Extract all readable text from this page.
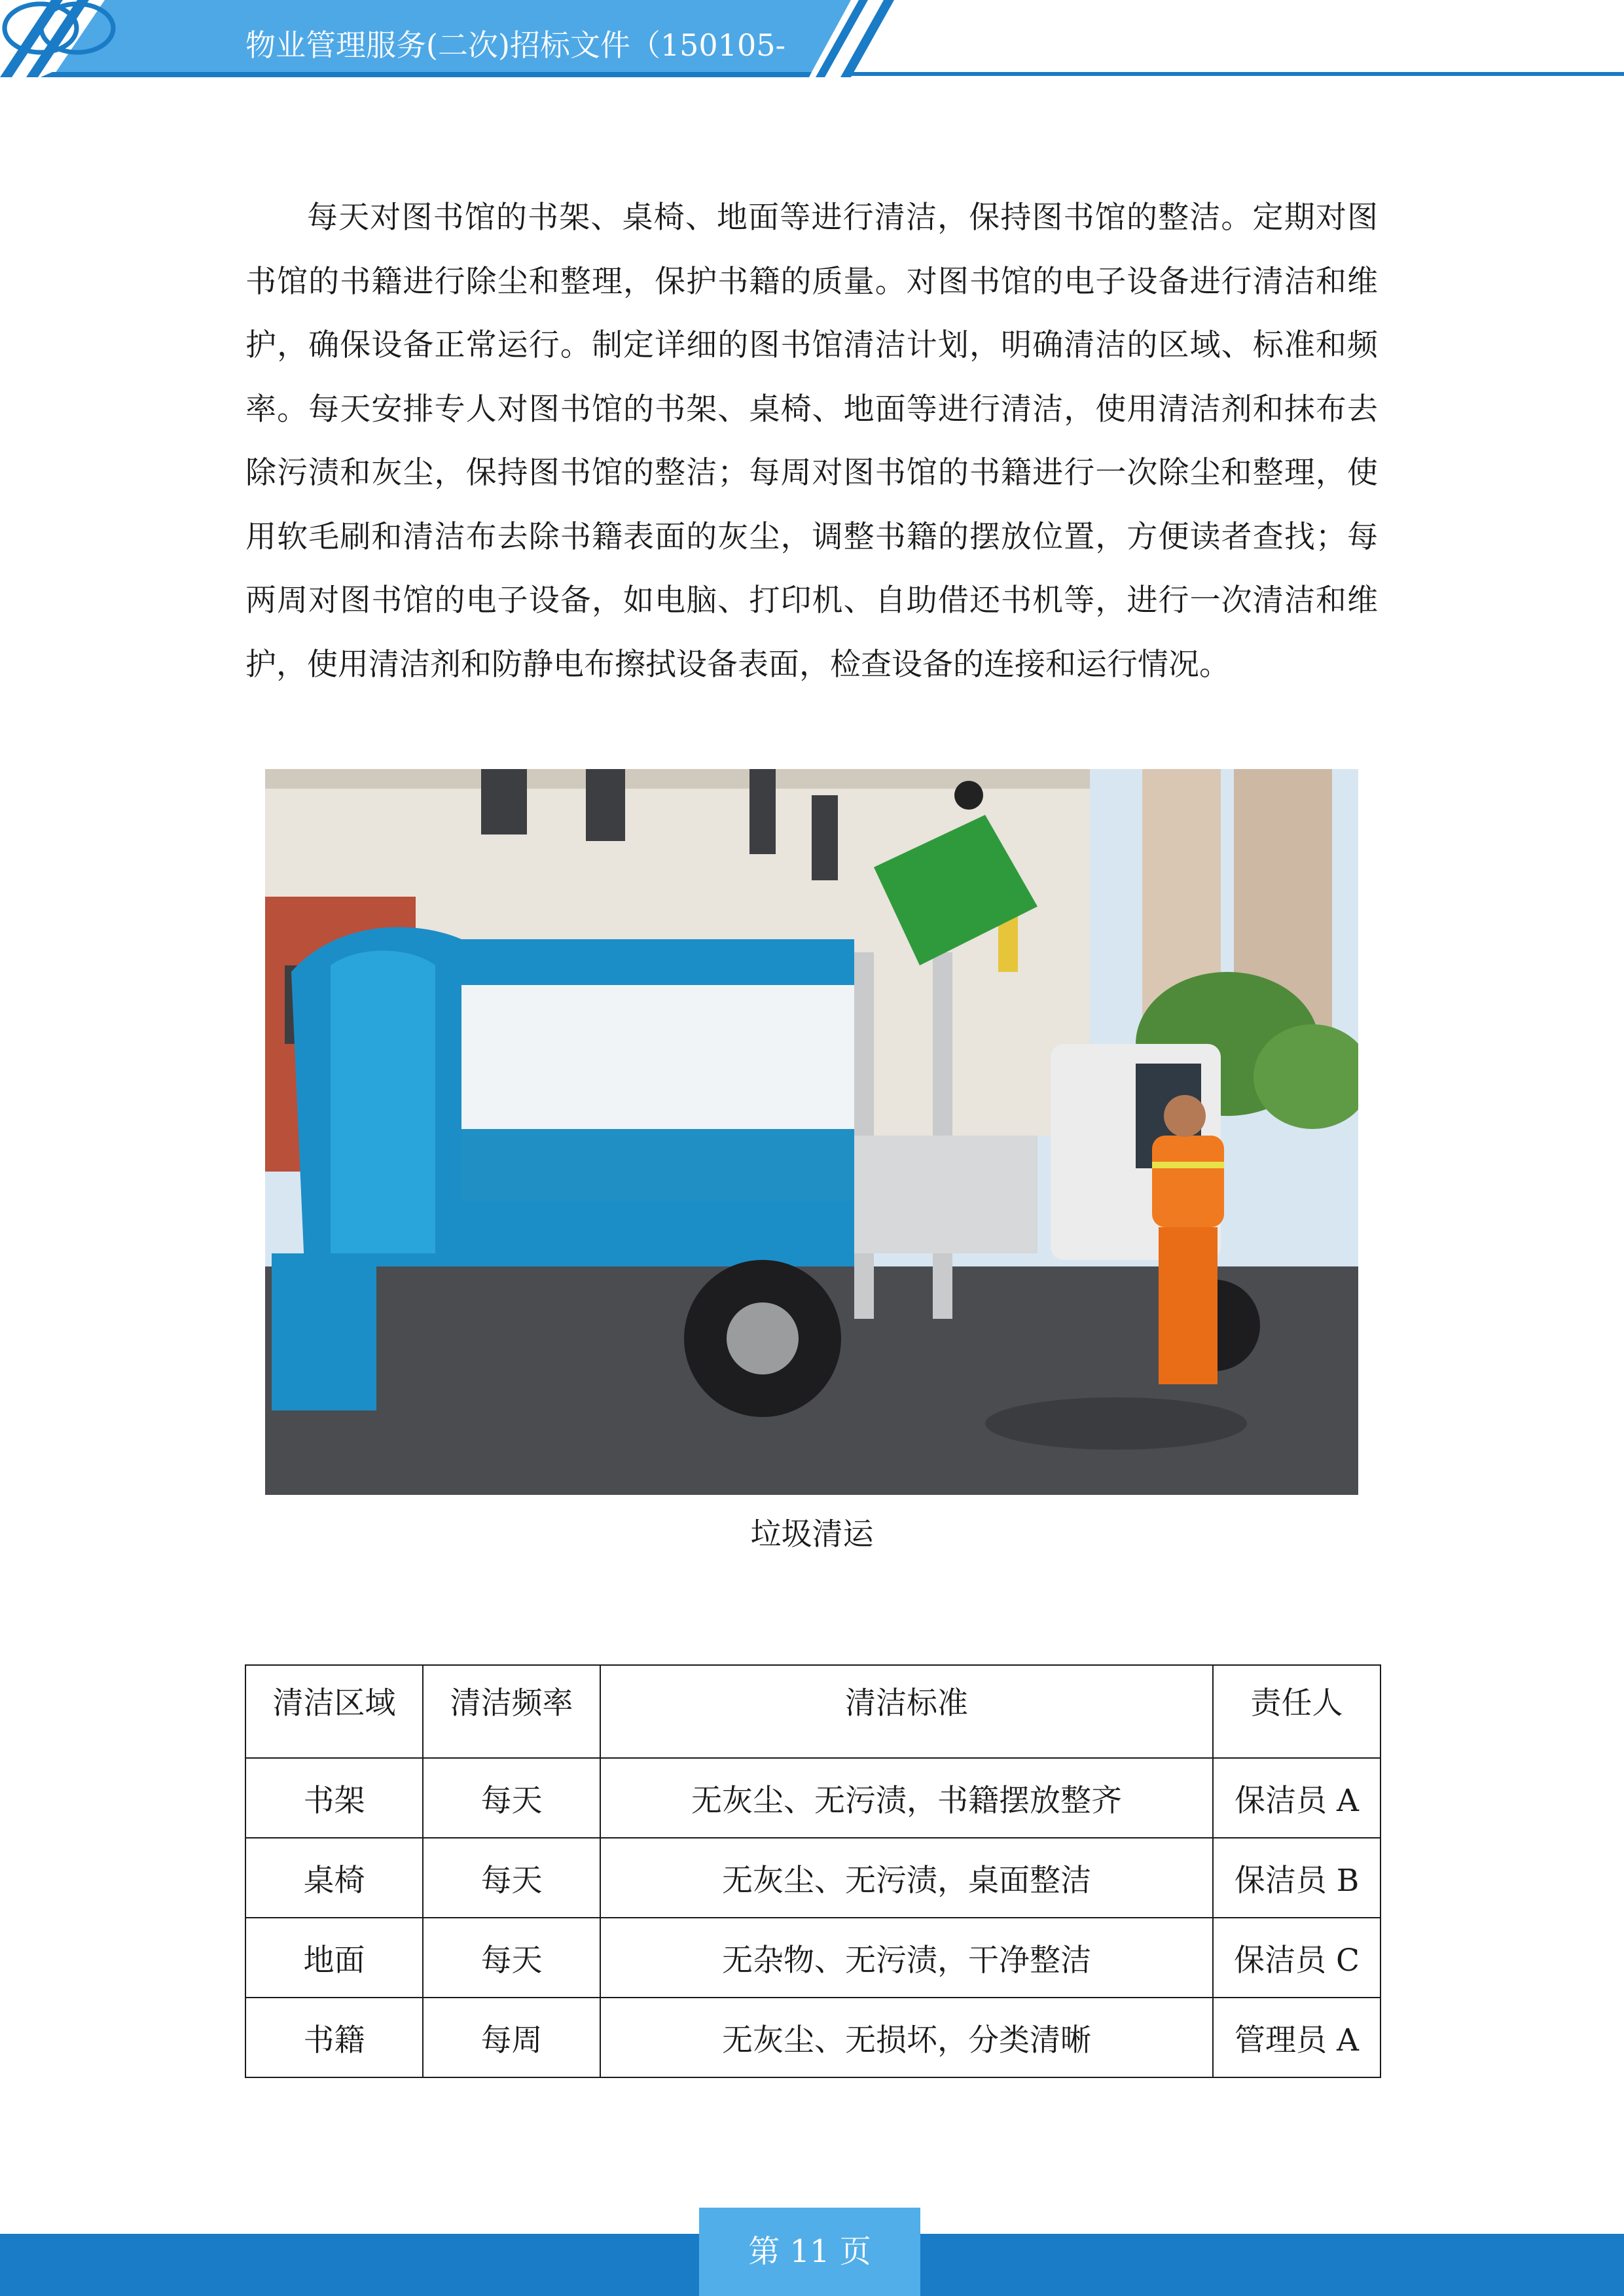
物业管理服务(二次)招标文件（150105-

每天对图书馆的书架、桌椅、地面等进行清洁，保持图书馆的整洁。定期对图书馆的书籍进行除尘和整理，保护书籍的质量。对图书馆的电子设备进行清洁和维护，确保设备正常运行。制定详细的图书馆清洁计划，明确清洁的区域、标准和频率。每天安排专人对图书馆的书架、桌椅、地面等进行清洁，使用清洁剂和抹布去除污渍和灰尘，保持图书馆的整洁；每周对图书馆的书籍进行一次除尘和整理，使用软毛刷和清洁布去除书籍表面的灰尘，调整书籍的摆放位置，方便读者查找；每两周对图书馆的电子设备，如电脑、打印机、自助借还书机等，进行一次清洁和维护，使用清洁剂和防静电布擦拭设备表面，检查设备的连接和运行情况。

垃圾清运
清洁区域	清洁频率	清洁标准	责任人
书架	每天	无灰尘、无污渍，书籍摆放整齐	保洁员 A
桌椅	每天	无灰尘、无污渍，桌面整洁	保洁员 B
地面	每天	无杂物、无污渍，干净整洁	保洁员 C
书籍	每周	无灰尘、无损坏，分类清晰	管理员 A
第 11 页
